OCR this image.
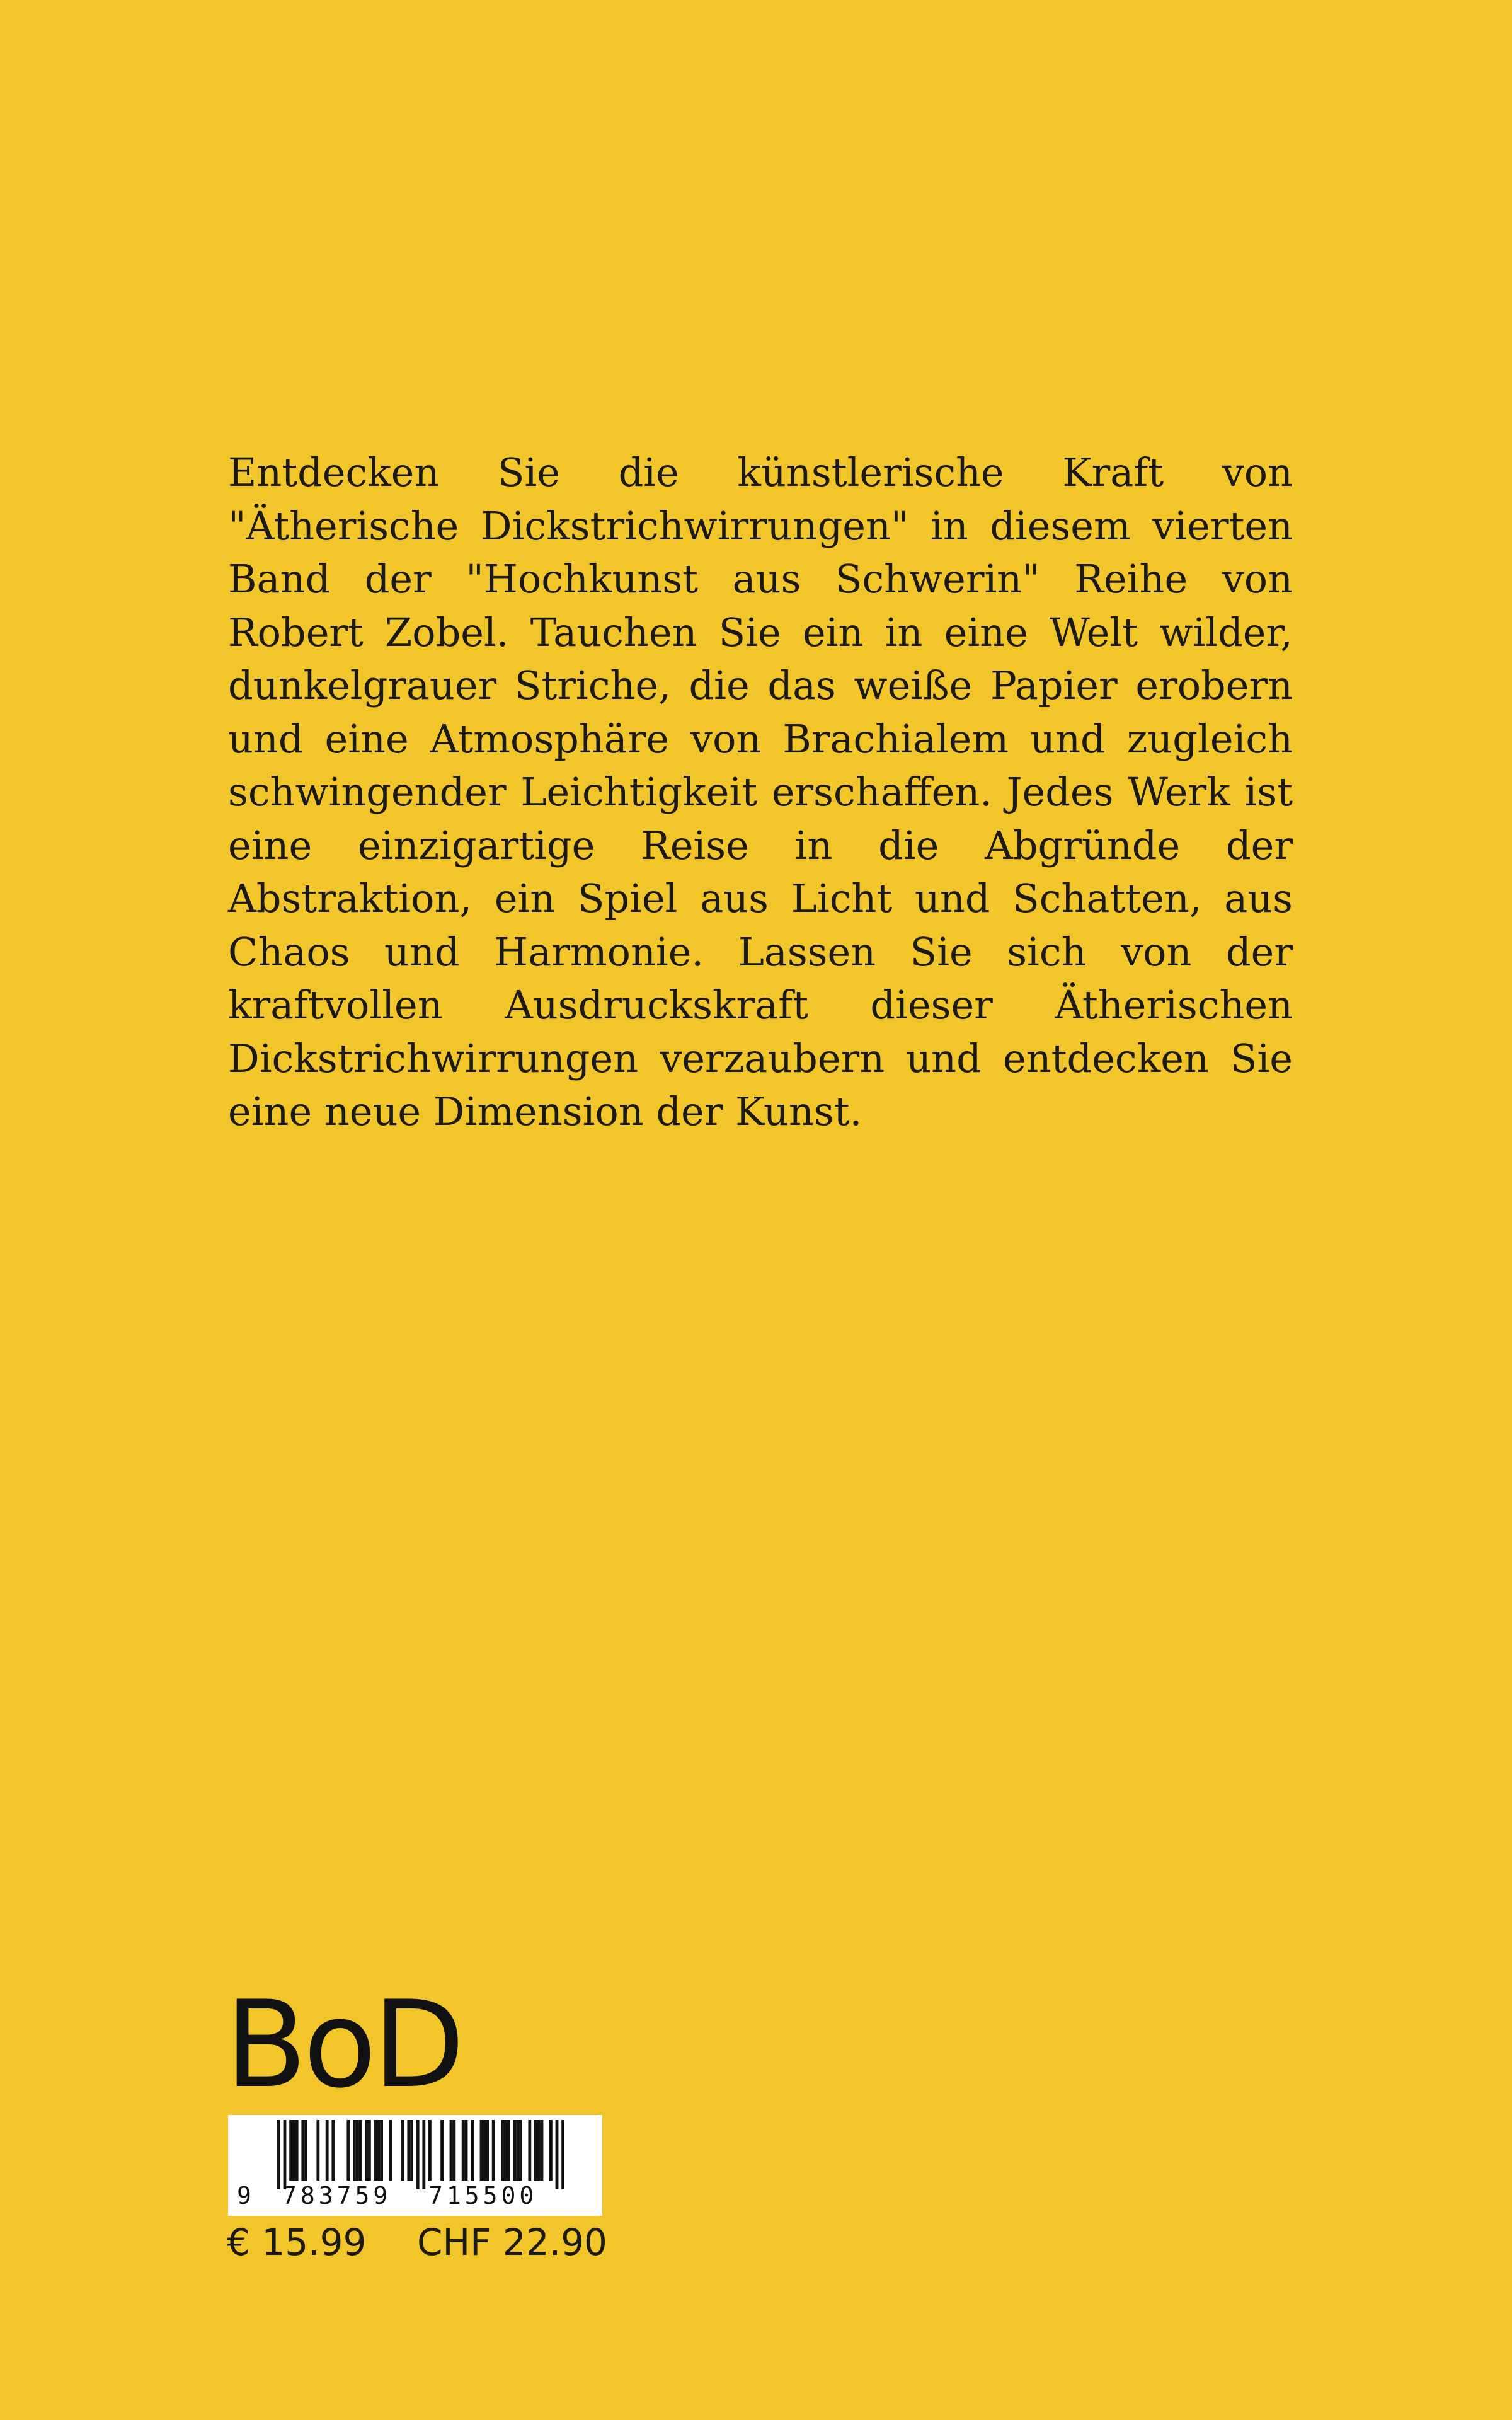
Entdecken Sie die künstlerische Kraft von "Ätherische Dickstrichwirrungen" in diesem vierten Band der "Hochkunst aus Schwerin" Reihe von Robert Zobel. Tauchen Sie ein in eine Welt wilder, dunkelgrauer Striche, die das weiße Papier erobern und eine Atmosphäre von Brachialem und zugleich schwingender Leichtigkeit erschaffen. Jedes Werk ist eine einzigartige Reise in die Abgründe der Abstraktion, ein Spiel aus Licht und Schatten, aus Chaos und Harmonie. Lassen Sie sich von der kraftvollen Ausdruckskraft dieser Ätherischen Dickstrichwirrungen verzaubern und entdecken Sie eine neue Dimension der Kunst.

BoD
9 783759 715500
€ 15.99 CHF 22.90
